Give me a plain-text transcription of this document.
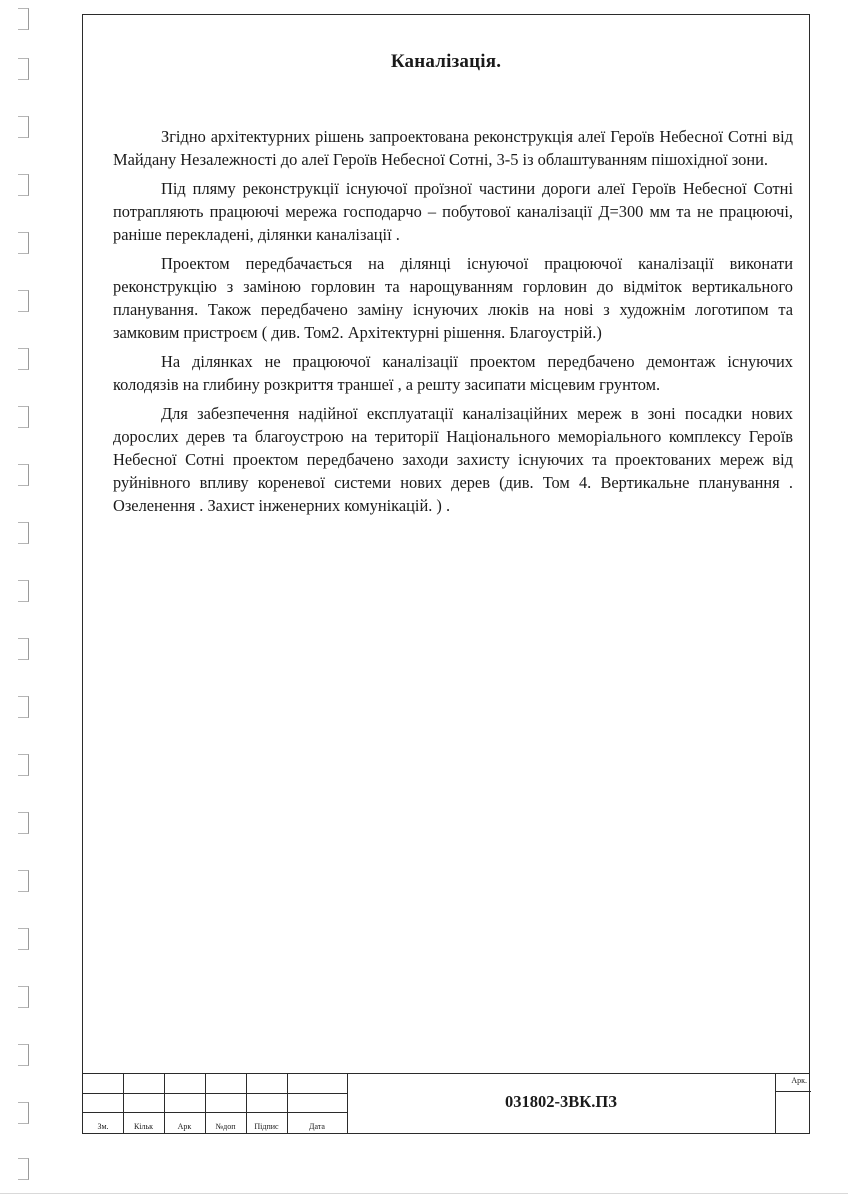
Каналізація.

Згідно архітектурних рішень запроектована реконструкція алеї Героїв Небесної Сотні від Майдану Незалежності до алеї Героїв Небесної Сотні, 3-5 із облаштуванням пішохідної зони.

Під пляму реконструкції існуючої проїзної частини дороги алеї Героїв Небесної Сотні потрапляють працюючі мережа господарчо – побутової каналізації Д=300 мм та не працюючі, раніше перекладені, ділянки каналізації .

Проектом передбачається на ділянці існуючої працюючої каналізації виконати реконструкцію з заміною горловин та нарощуванням горловин до відміток вертикального планування. Також передбачено заміну існуючих люків на нові з художнім логотипом та замковим пристроєм ( див. Том2. Архітектурні рішення. Благоустрій.)

На ділянках не працюючої каналізації проектом передбачено демонтаж існуючих колодязів на глибину розкриття траншеї , а решту засипати місцевим грунтом.

Для забезпечення надійної експлуатації каналізаційних мереж в зоні посадки нових дорослих дерев та благоустрою на території Національного меморіального комплексу Героїв Небесної Сотні проектом передбачено заходи захисту існуючих та проектованих мереж від руйнівного впливу кореневої системи нових дерев (див. Том 4. Вертикальне планування . Озеленення . Захист інженерних комунікацій. ) .

Зм.	Кільк	Арк	№доп	Підпис	Дата
031802-3ВК.ПЗ
Арк.
